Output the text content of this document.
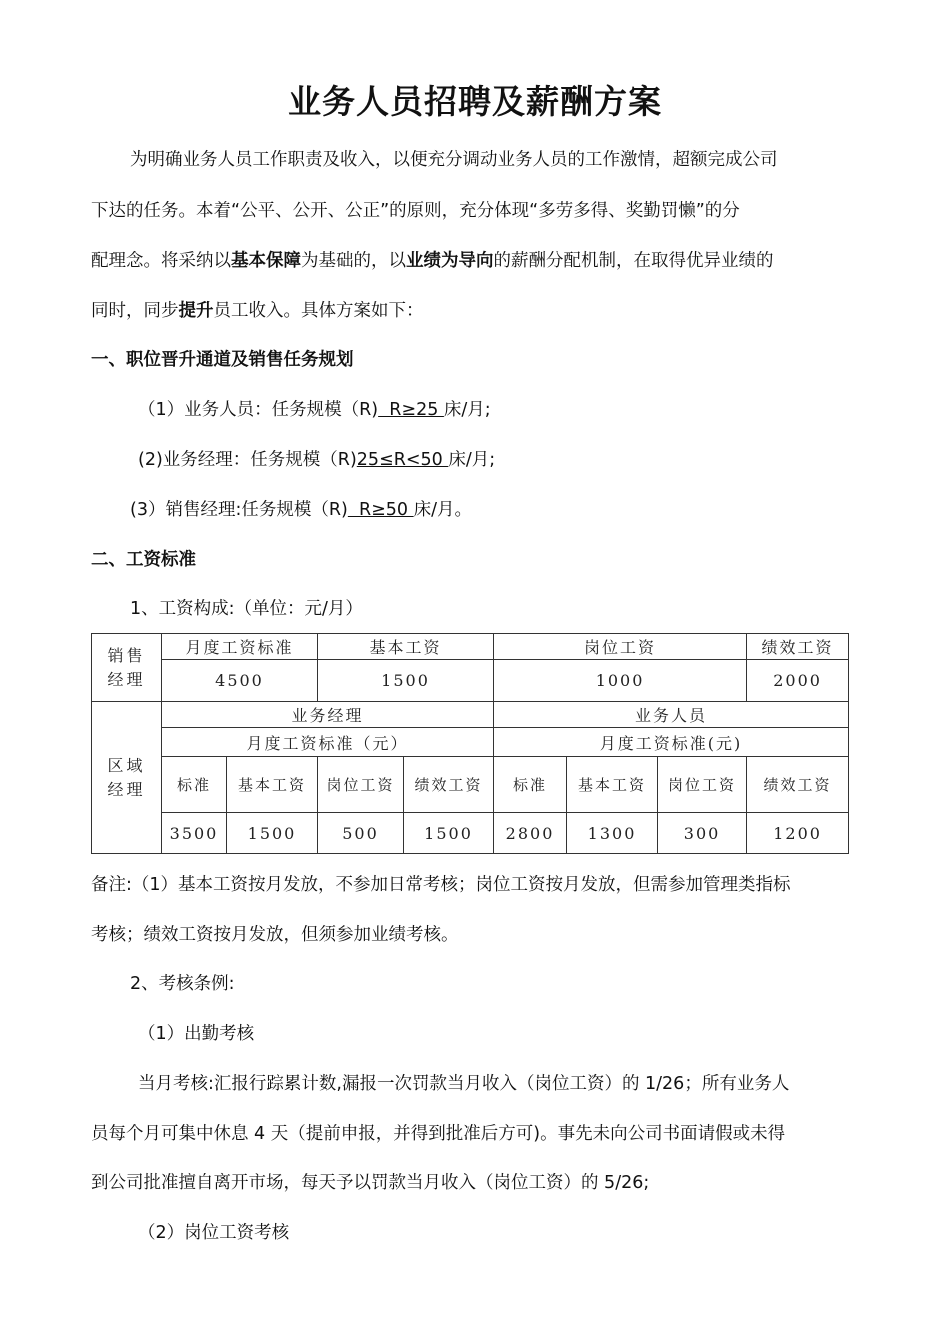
业务人员招聘及薪酬方案
为明确业务人员工作职责及收入，以便充分调动业务人员的工作激情，超额完成公司
下达的任务。本着“公平、公开、公正”的原则，充分体现“多劳多得、奖勤罚懒”的分
配理念。将采纳以基本保障为基础的，以业绩为导向的薪酬分配机制，在取得优异业绩的
同时，同步提升员工收入。具体方案如下：
一、职位晋升通道及销售任务规划
（1）业务人员：任务规模（R)  R≥25 床/月;
(2)业务经理：任务规模（R)25≤R<50 床/月;
(3）销售经理:任务规模（R)  R≥50 床/月。
二、工资标准
1、工资构成:（单位：元/月）
销售经理	月度工资标准		基本工资		岗位工资			绩效工资
	4500		1500		1000			2000
区域经理	业务经理				业务人员			
	月度工资标准（元）				月度工资标准(元)			
	标准	基本工资	岗位工资	绩效工资	标准	基本工资	岗位工资	绩效工资
	3500	1500	500	1500	2800	1300	300	1200
备注:（1）基本工资按月发放，不参加日常考核；岗位工资按月发放，但需参加管理类指标
考核；绩效工资按月发放，但须参加业绩考核。
2、考核条例:
（1）出勤考核
当月考核:汇报行踪累计数,漏报一次罚款当月收入（岗位工资）的 1/26；所有业务人
员每个月可集中休息 4 天（提前申报，并得到批准后方可)。事先未向公司书面请假或未得
到公司批准擅自离开市场，每天予以罚款当月收入（岗位工资）的 5/26;
（2）岗位工资考核
